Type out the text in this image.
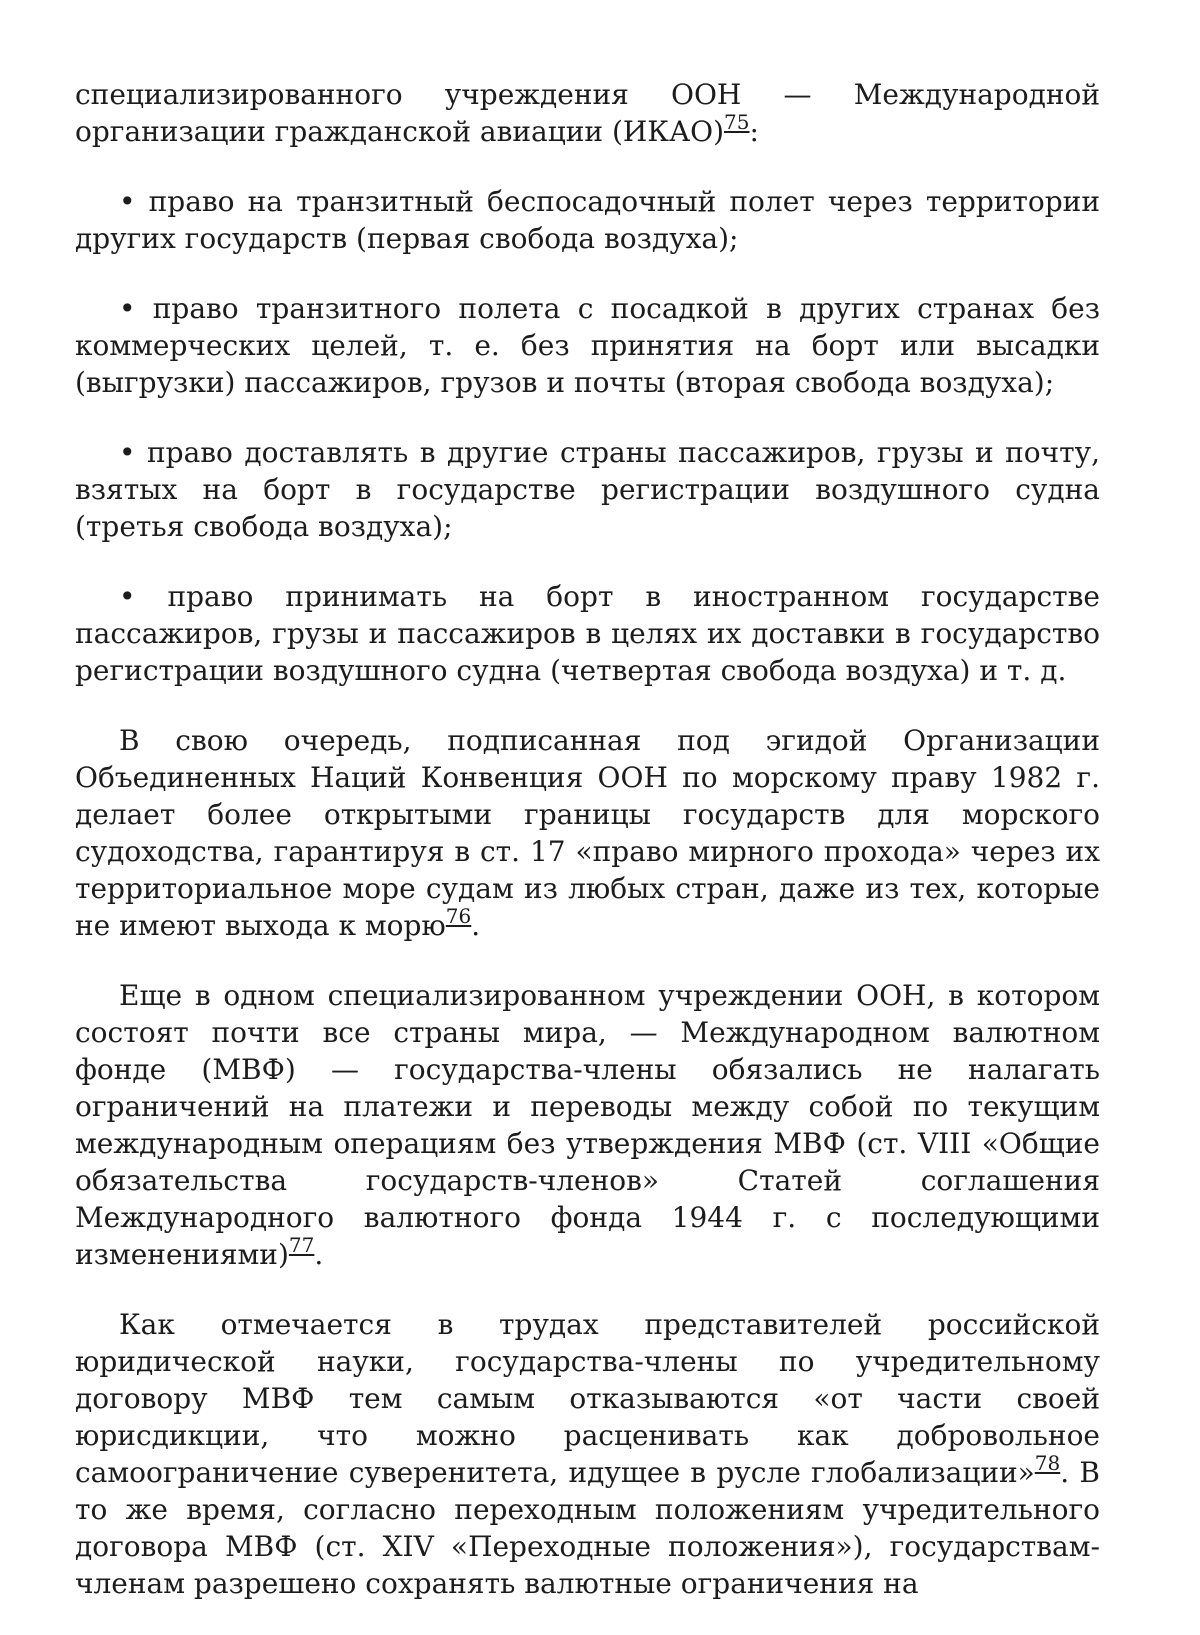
специализированного учреждения ООН — Международной организации гражданской авиации (ИКАО)$^{75}$:

• право на транзитный беспосадочный полет через территории других государств (первая свобода воздуха);

• право транзитного полета с посадкой в других странах без коммерческих целей, т. е. без принятия на борт или высадки (выгрузки) пассажиров, грузов и почты (вторая свобода воздуха);

• право доставлять в другие страны пассажиров, грузы и почту, взятых на борт в государстве регистрации воздушного судна (третья свобода воздуха);

• право принимать на борт в иностранном государстве пассажиров, грузы и пассажиров в целях их доставки в государство регистрации воздушного судна (четвертая свобода воздуха) и т. д.

В свою очередь, подписанная под эгидой Организации Объединенных Наций Конвенция ООН по морскому праву 1982 г. делает более открытыми границы государств для морского судоходства, гарантируя в ст. 17 «право мирного прохода» через их территориальное море судам из любых стран, даже из тех, которые не имеют выхода к морю$^{76}$.

Еще в одном специализированном учреждении ООН, в котором состоят почти все страны мира, — Международном валютном фонде (МВФ) — государства-члены обязались не налагать ограничений на платежи и переводы между собой по текущим международным операциям без утверждения МВФ (ст. VIII «Общие обязательства государств-членов» Статей соглашения Международного валютного фонда 1944 г. с последующими изменениями)$^{77}$.

Как отмечается в трудах представителей российской юридической науки, государства-члены по учредительному договору МВФ тем самым отказываются «от части своей юрисдикции, что можно расценивать как добровольное самоограничение суверенитета, идущее в русле глобализации»$^{78}$. В то же время, согласно переходным положениям учредительного договора МВФ (ст. XIV «Переходные положения»), государствам-членам разрешено сохранять валютные ограничения на
